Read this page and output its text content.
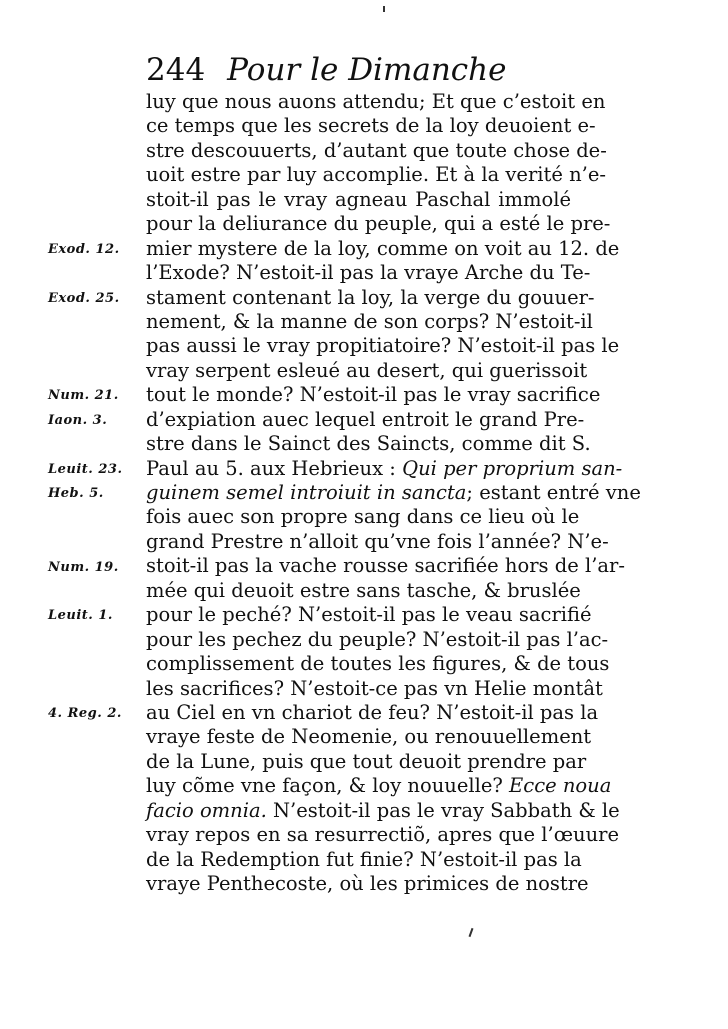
244 Pour le Dimanche
Exod. 12.
Exod. 25.
Num. 21.
Iaon. 3.
Leuit. 23.
Heb. 5.
Num. 19.
Leuit. 1.
4. Reg. 2.
luy que nous auons attendu; Et que c’estoit en
ce temps que les secrets de la loy deuoient e-
stre descouuerts, d’autant que toute chose de-
uoit estre par luy accomplie. Et à la verité n’e-
stoit-il pas le vray agneau Paschal immolé
pour la deliurance du peuple, qui a esté le pre-
mier mystere de la loy, comme on voit au 12. de
l’Exode? N’estoit-il pas la vraye Arche du Te-
stament contenant la loy, la verge du gouuer-
nement, & la manne de son corps? N’estoit-il
pas aussi le vray propitiatoire? N’estoit-il pas le
vray serpent esleué au desert, qui guerissoit
tout le monde? N’estoit-il pas le vray sacrifice
d’expiation auec lequel entroit le grand Pre-
stre dans le Sainct des Saincts, comme dit S.
Paul au 5. aux Hebrieux : Qui per proprium san-
guinem semel introiuit in sancta; estant entré vne
fois auec son propre sang dans ce lieu où le
grand Prestre n’alloit qu’vne fois l’année? N’e-
stoit-il pas la vache rousse sacrifiée hors de l’ar-
mée qui deuoit estre sans tasche, & bruslée
pour le peché? N’estoit-il pas le veau sacrifié
pour les pechez du peuple? N’estoit-il pas l’ac-
complissement de toutes les figures, & de tous
les sacrifices? N’estoit-ce pas vn Helie montât
au Ciel en vn chariot de feu? N’estoit-il pas la
vraye feste de Neomenie, ou renouuellement
de la Lune, puis que tout deuoit prendre par
luy cõme vne façon, & loy nouuelle? Ecce noua
facio omnia. N’estoit-il pas le vray Sabbath & le
vray repos en sa resurrectiõ, apres que l’œuure
de la Redemption fut finie? N’estoit-il pas la
vraye Penthecoste, où les primices de nostre
